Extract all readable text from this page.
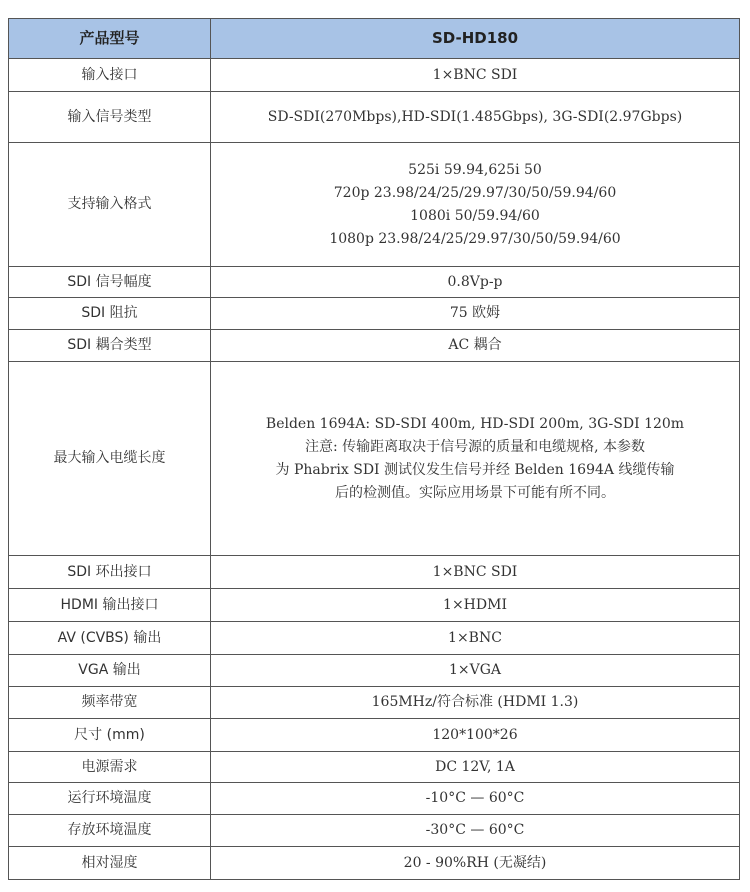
产品型号	SD-HD180
输入接口	1×BNC SDI
输入信号类型	SD-SDI(270Mbps),HD-SDI(1.485Gbps), 3G-SDI(2.97Gbps)
支持输入格式	525i 59.94,625i 50
720p 23.98/24/25/29.97/30/50/59.94/60
1080i 50/59.94/60
1080p 23.98/24/25/29.97/30/50/59.94/60

SDI 信号幅度	0.8Vp-p
SDI 阻抗	75 欧姆
SDI 耦合类型	AC 耦合
最大输入电缆长度	Belden 1694A: SD-SDI 400m, HD-SDI 200m, 3G-SDI 120m
注意: 传输距离取决于信号源的质量和电缆规格, 本参数
为 Phabrix SDI 测试仪发生信号并经 Belden 1694A 线缆传输
后的检测值。实际应用场景下可能有所不同。

SDI 环出接口	1×BNC SDI
HDMI 输出接口	1×HDMI
AV (CVBS) 输出	1×BNC
VGA 输出	1×VGA
频率带宽	165MHz/符合标准 (HDMI 1.3)
尺寸 (mm)	120*100*26
电源需求	DC 12V, 1A
运行环境温度	-10°C — 60°C
存放环境温度	-30°C — 60°C
相对湿度	20 - 90%RH (无凝结)
